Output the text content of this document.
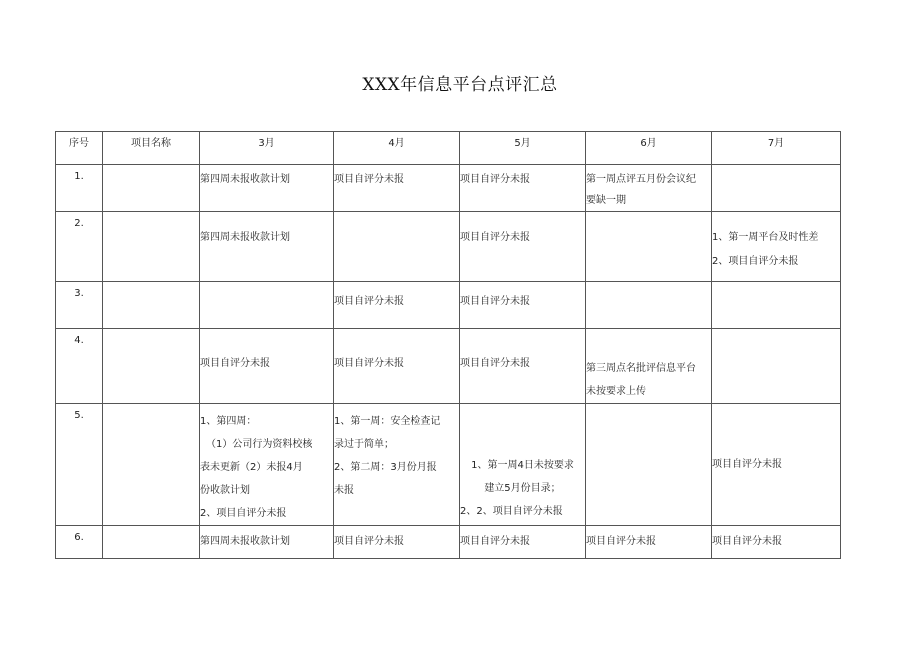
XXX年信息平台点评汇总
序号	项目名称	3月	4月	5月	6月	7月
1.		第四周未报收款计划	项目自评分未报	项目自评分未报	第一周点评五月份会议纪
要缺一期	

2.		第四周未报收款计划		项目自评分未报		1、第一周平台及时性差
2、项目自评分未报

3.			项目自评分未报	项目自评分未报		

4.		项目自评分未报	项目自评分未报	项目自评分未报	第三周点名批评信息平台
未按要求上传	

5.		1、第四周：
（1）公司行为资料校核
表未更新（2）未报4月
份收款计划
2、项目自评分未报	1、第一周：安全检查记
录过于简单；
2、第二周：3月份月报
未报	1、第一周4日未按要求
建立5月份目录；
2、2、项目自评分未报		项目自评分未报

6.		第四周未报收款计划	项目自评分未报	项目自评分未报	项目自评分未报	项目自评分未报
